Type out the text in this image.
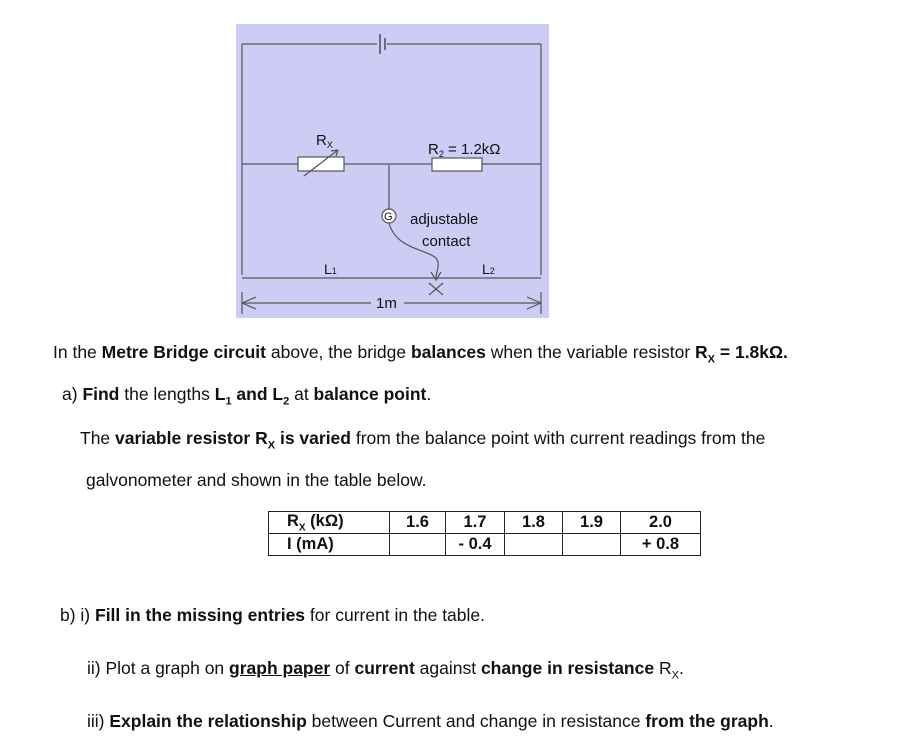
$R_X$	$R_2 = 1.2k\Omega$
G adjustable
contact
L1	L2
1m
In the Metre Bridge circuit above, the bridge balances when the variable resistor $R_X = 1.8k\Omega$.
a) Find the lengths $L_1$ and $L_2$ at balance point.
The variable resistor $R_X$ is varied from the balance point with current readings from the
galvonometer and shown in the table below.
$R_X$ (kΩ)	1.6	1.7	1.8	1.9	2.0
I (mA)		- 0.4			+ 0.8
b) i) Fill in the missing entries for current in the table.
ii) Plot a graph on graph paper of current against change in resistance $R_X$.
iii) Explain the relationship between Current and change in resistance from the graph.
